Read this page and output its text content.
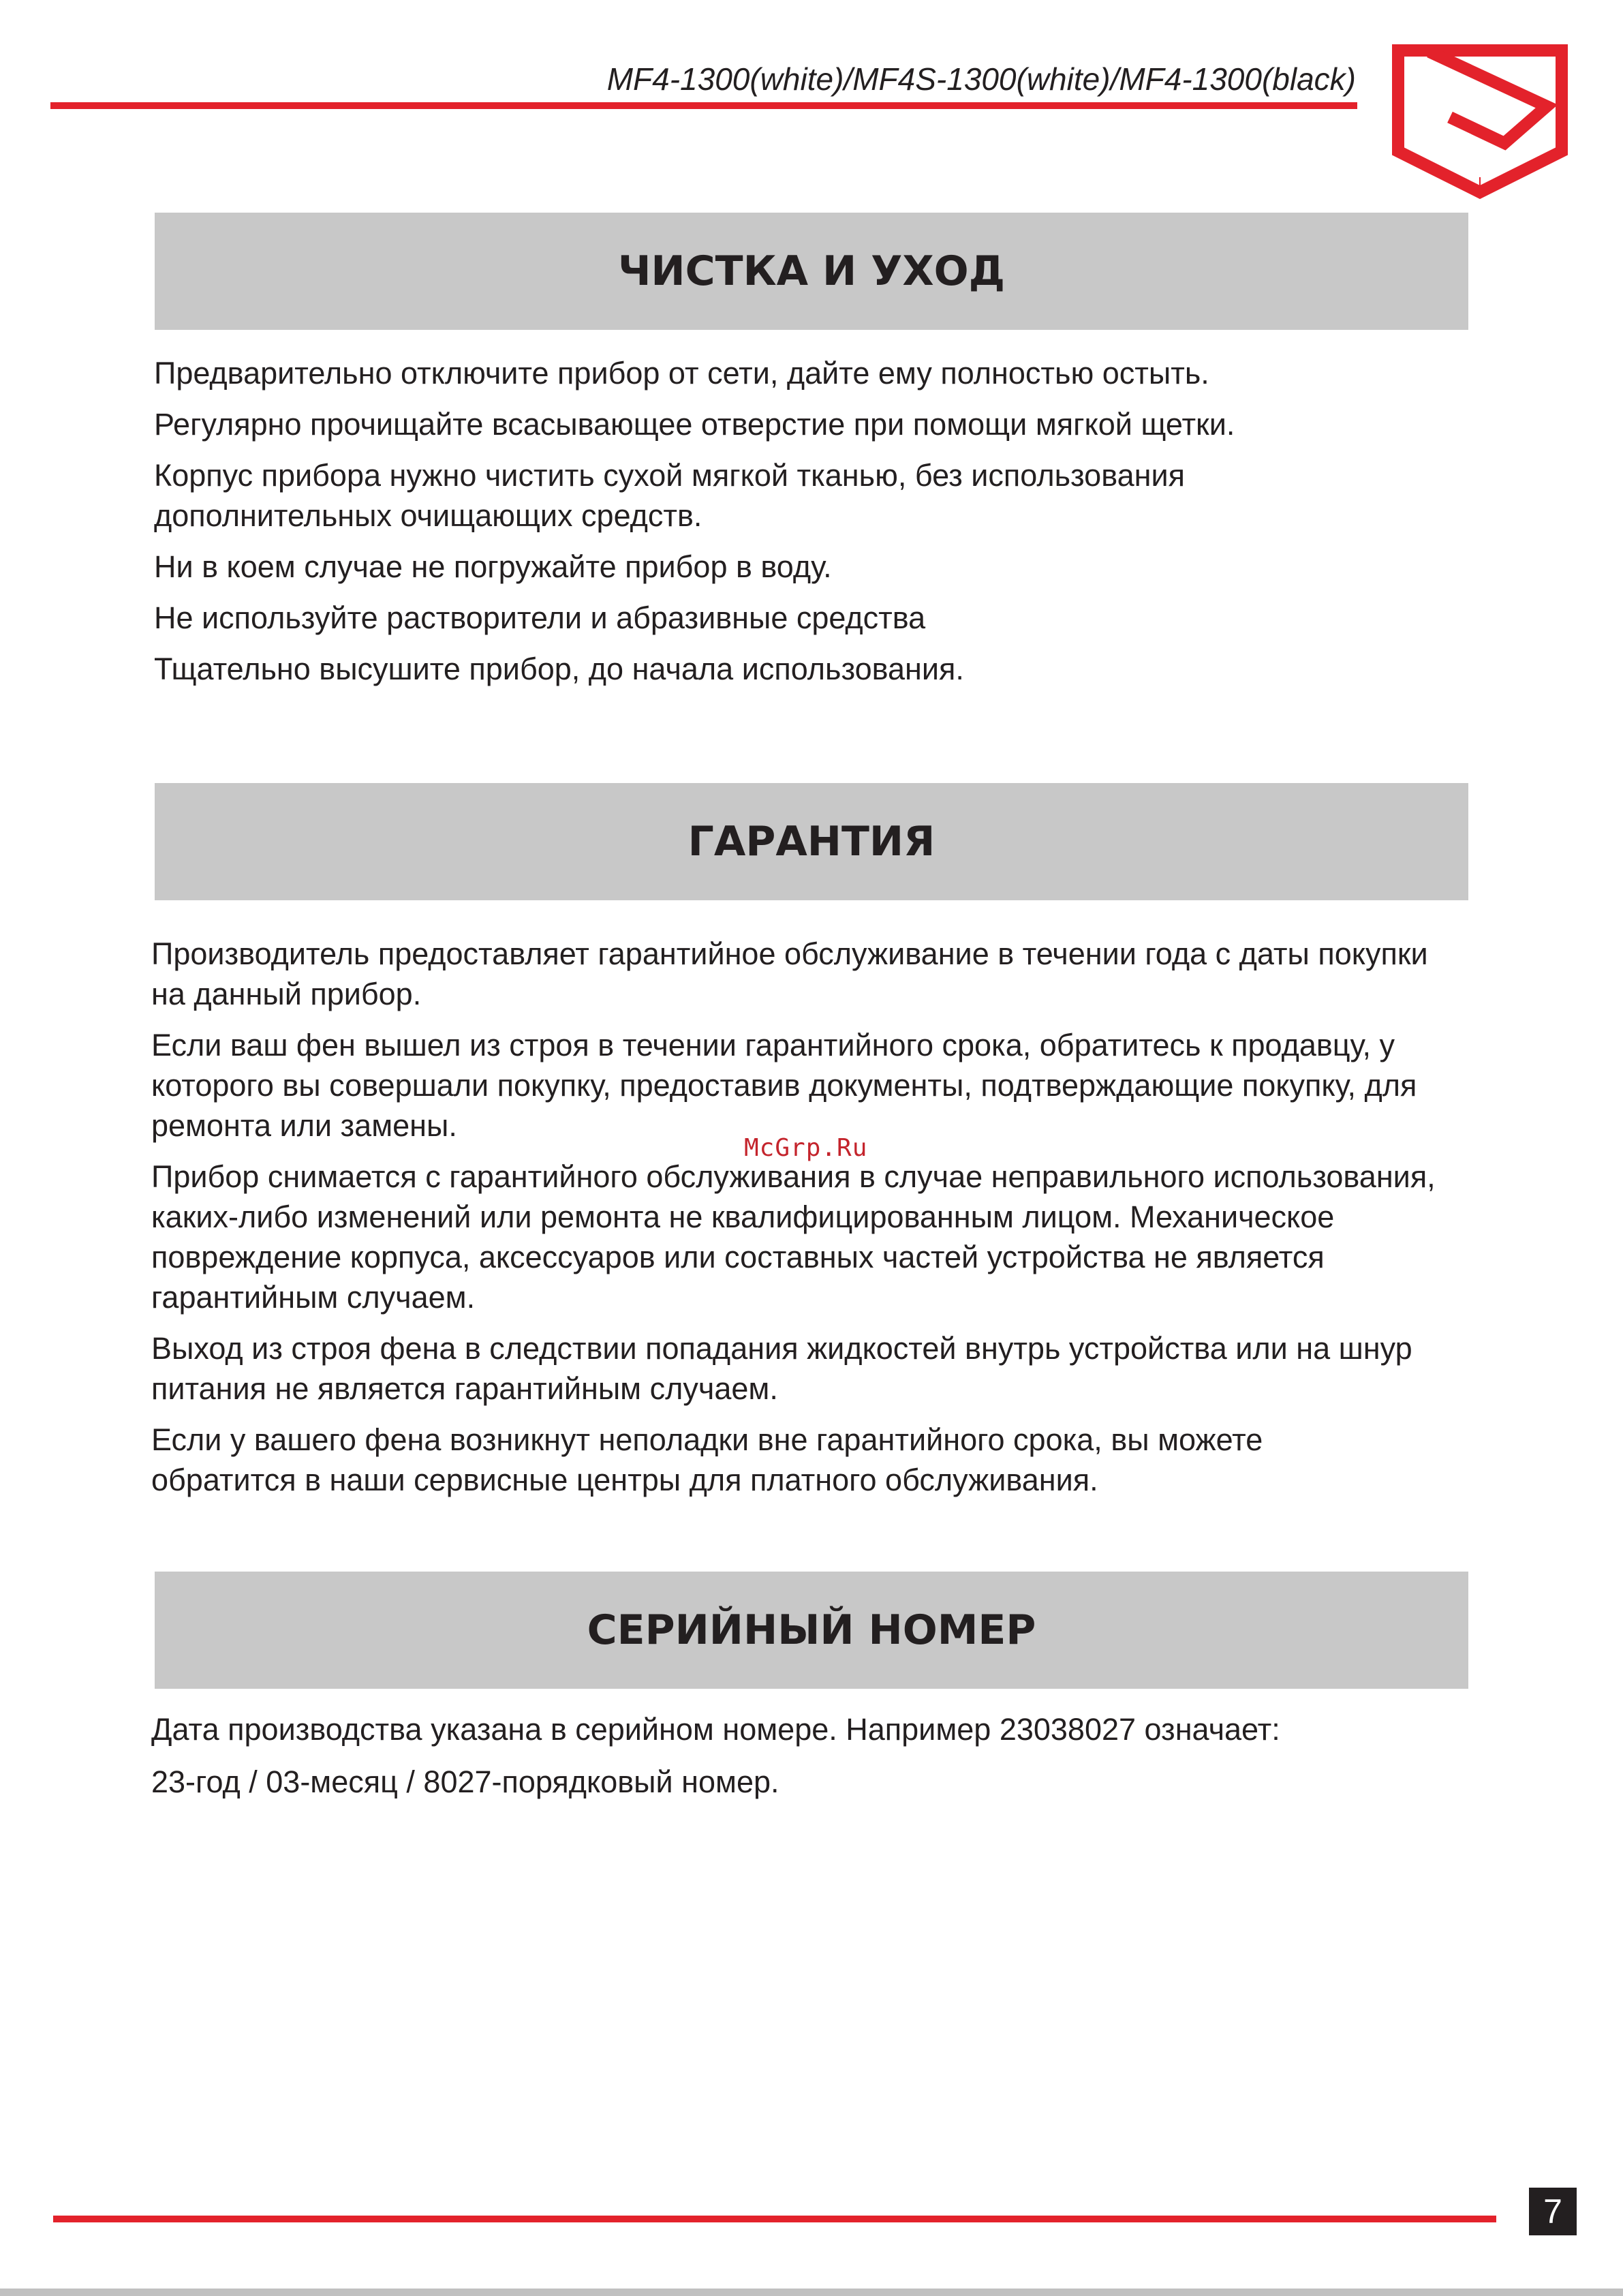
MF4-1300(white)/MF4S-1300(white)/MF4-1300(black)
ЧИСТКА И УХОД

Предварительно отключите прибор от сети, дайте ему полностью остыть.

Регулярно прочищайте всасывающее отверстие при помощи мягкой щетки.

Корпус прибора нужно чистить сухой мягкой тканью, без использования дополнительных очищающих средств.

Ни в коем случае не погружайте прибор в воду.

Не используйте растворители и абразивные средства

Тщательно высушите прибор, до начала использования.

ГАРАНТИЯ

Производитель предоставляет гарантийное обслуживание в течении года с даты покупки на данный прибор.

Если ваш фен вышел из строя в течении гарантийного срока, обратитесь к продавцу, у которого вы совершали покупку, предоставив документы, подтверждающие покупку, для ремонта или замены.

Прибор снимается с гарантийного обслуживания в случае неправильного использования, каких-либо изменений или ремонта не квалифицированным лицом. Механическое повреждение корпуса, аксессуаров или составных частей устройства не является гарантийным случаем.

Выход из строя фена в следствии попадания жидкостей внутрь устройства или на шнур питания не является гарантийным случаем.

Если у вашего фена возникнут неполадки вне гарантийного срока, вы можете обратится в наши сервисные центры для платного обслуживания.

McGrp.Ru
СЕРИЙНЫЙ НОМЕР

Дата производства указана в серийном номере. Например 23038027 означает:

23-год / 03-месяц / 8027-порядковый номер.

7
